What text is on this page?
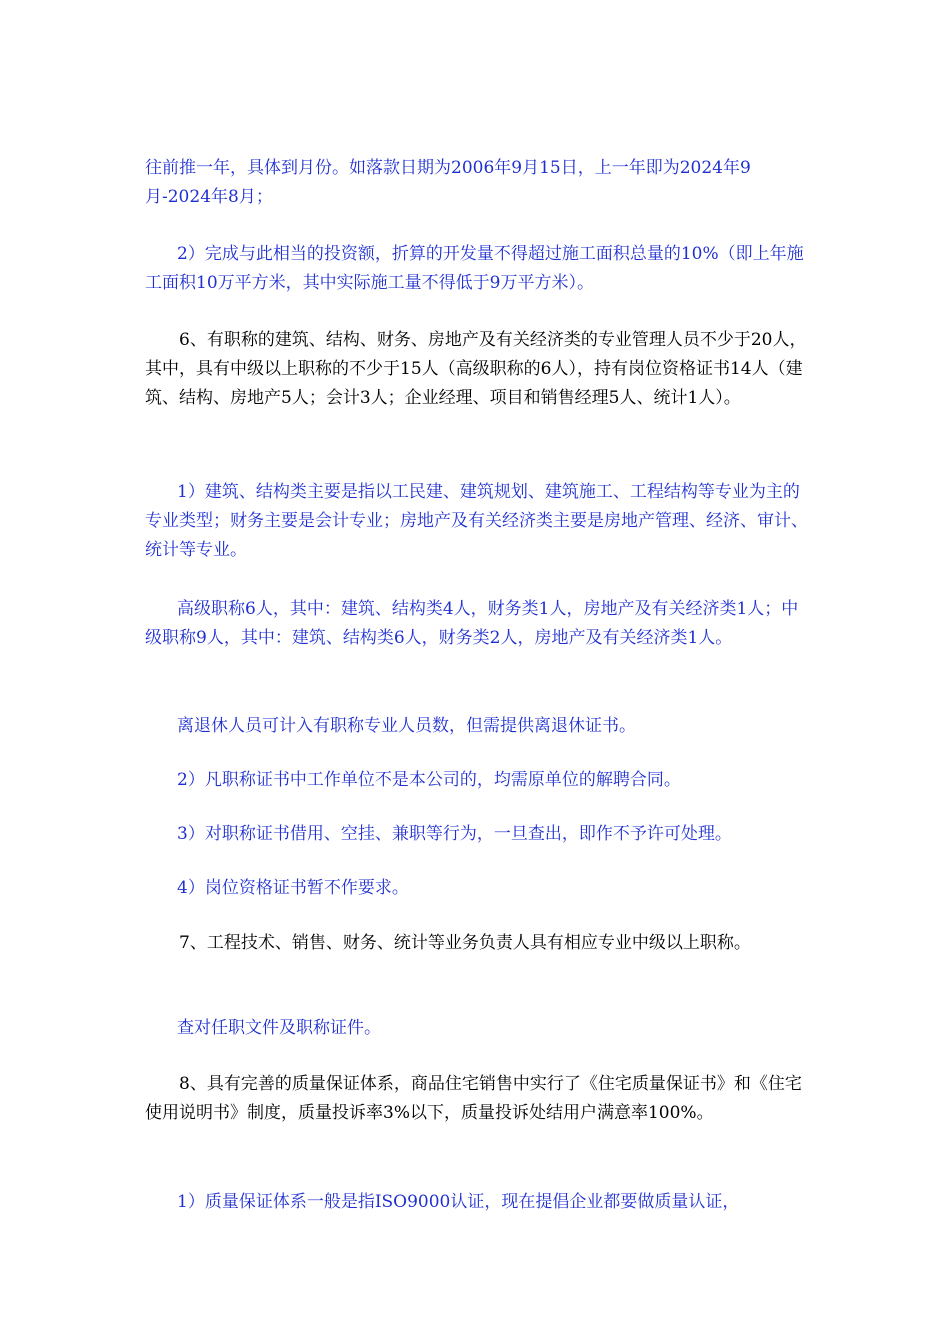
往前推一年，具体到月份。如落款日期为2006年9月15日，上一年即为2024年9月-2024年8月；

2）完成与此相当的投资额，折算的开发量不得超过施工面积总量的10%（即上年施工面积10万平方米，其中实际施工量不得低于9万平方米）。

6、有职称的建筑、结构、财务、房地产及有关经济类的专业管理人员不少于20人，其中，具有中级以上职称的不少于15人（高级职称的6人），持有岗位资格证书14人（建筑、结构、房地产5人；会计3人；企业经理、项目和销售经理5人、统计1人）。

1）建筑、结构类主要是指以工民建、建筑规划、建筑施工、工程结构等专业为主的专业类型；财务主要是会计专业；房地产及有关经济类主要是房地产管理、经济、审计、统计等专业。

高级职称6人，其中：建筑、结构类4人，财务类1人，房地产及有关经济类1人；中级职称9人，其中：建筑、结构类6人，财务类2人，房地产及有关经济类1人。

离退休人员可计入有职称专业人员数，但需提供离退休证书。

2）凡职称证书中工作单位不是本公司的，均需原单位的解聘合同。

3）对职称证书借用、空挂、兼职等行为，一旦查出，即作不予许可处理。

4）岗位资格证书暂不作要求。

7、工程技术、销售、财务、统计等业务负责人具有相应专业中级以上职称。

查对任职文件及职称证件。

8、具有完善的质量保证体系，商品住宅销售中实行了《住宅质量保证书》和《住宅使用说明书》制度，质量投诉率3%以下，质量投诉处结用户满意率100%。

1）质量保证体系一般是指ISO9000认证，现在提倡企业都要做质量认证，
